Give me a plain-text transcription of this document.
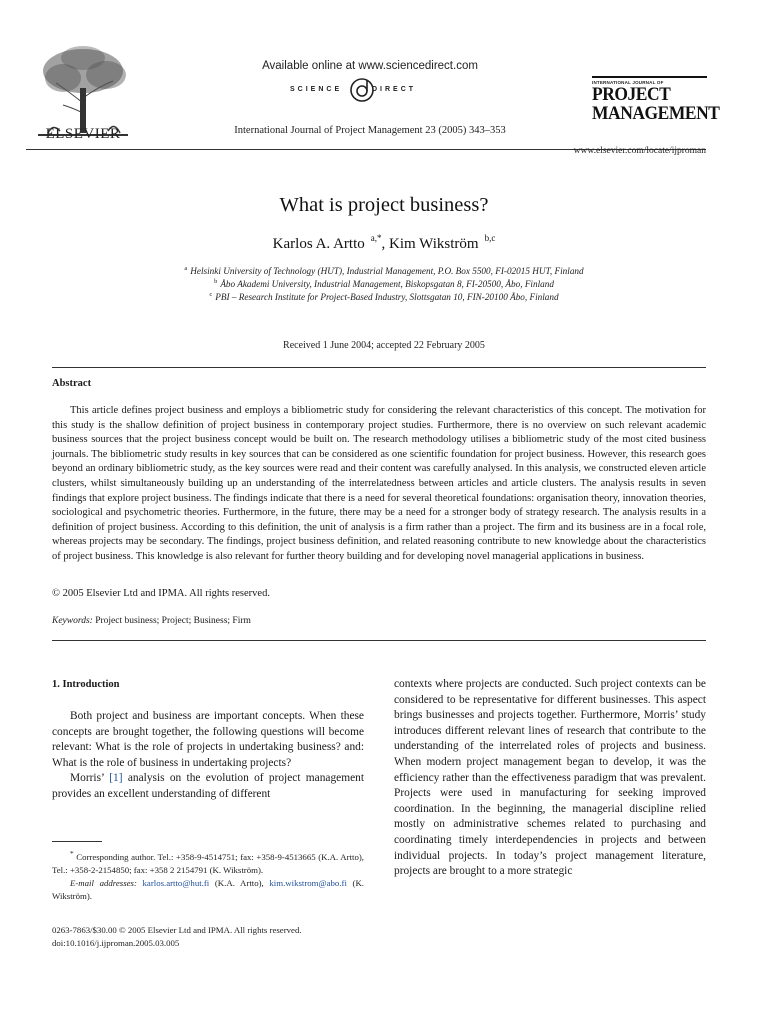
ELSEVIER
Available online at www.sciencedirect.com
SCIENCE	DIRECT
International Journal of Project Management 23 (2005) 343–353
INTERNATIONAL JOURNAL OF
PROJECT
MANAGEMENT
www.elsevier.com/locate/ijproman
What is project business?
Karlos A. Artto $^{a,*}$, Kim Wikström $^{b,c}$
$^a$ Helsinki University of Technology (HUT), Industrial Management, P.O. Box 5500, FI-02015 HUT, Finland
$^b$ Åbo Akademi University, Industrial Management, Biskopsgatan 8, FI-20500, Åbo, Finland
$^c$ PBI – Research Institute for Project-Based Industry, Slottsgatan 10, FIN-20100 Åbo, Finland
Received 1 June 2004; accepted 22 February 2005
Abstract

This article defines project business and employs a bibliometric study for considering the relevant characteristics of this concept. The motivation for this study is the shallow definition of project business in contemporary project studies. Furthermore, there is no overview on such relevant academic business sources that the project business concept would be built on. The research methodology utilises a bibliometric study of the most cited business journals. The bibliometric study results in key sources that can be considered as one scientific foundation for project business. However, this research goes beyond an ordinary bibliometric study, as the key sources were read and their content was carefully analysed. In this analysis, we constructed eleven article clusters, whilst simultaneously building up an understanding of the interrelatedness between articles and article clusters. The analysis results in seven findings that explore project business. The findings indicate that there is a need for several theoretical foundations: organisation theory, innovation theories, sociological and psychometric theories. Furthermore, in the future, there may be a need for a stronger body of strategy research. The analysis results in a definition of project business. According to this definition, the unit of analysis is a firm rather than a project. The firm and its business are in a focal role, whereas projects may be secondary. The findings, project business definition, and related reasoning contribute to new knowledge about the characteristics of project business. This knowledge is also relevant for further theory building and for developing novel managerial applications in business.

© 2005 Elsevier Ltd and IPMA. All rights reserved.
Keywords: Project business; Project; Business; Firm
1. Introduction

Both project and business are important concepts. When these concepts are brought together, the following questions will become relevant: What is the role of projects in undertaking business? and: What is the role of business in undertaking projects?

Morris’ [1] analysis on the evolution of project management provides an excellent understanding of different

contexts where projects are conducted. Such project contexts can be considered to be representative for different businesses. This aspect brings businesses and projects together. Furthermore, Morris’ study introduces different relevant lines of research that contribute to the understanding of the interrelated roles of projects and business. When modern project management began to develop, it was the efficiency rather than the effectiveness paradigm that was prevalent. Projects were used in manufacturing for seeking improved coordination. In the beginning, the managerial discipline relied mostly on administrative schemes related to purchasing and coordinating timely interdependencies in projects and between individual projects. In today’s project management literature, projects are brought to a more strategic

* Corresponding author. Tel.: +358-9-4514751; fax: +358-9-4513665 (K.A. Artto), Tel.: +358-2-2154850; fax: +358 2 2154791 (K. Wikström).

E-mail addresses: karlos.artto@hut.fi (K.A. Artto), kim.wikstrom@abo.fi (K. Wikström).

0263-7863/$30.00 © 2005 Elsevier Ltd and IPMA. All rights reserved.
doi:10.1016/j.ijproman.2005.03.005
